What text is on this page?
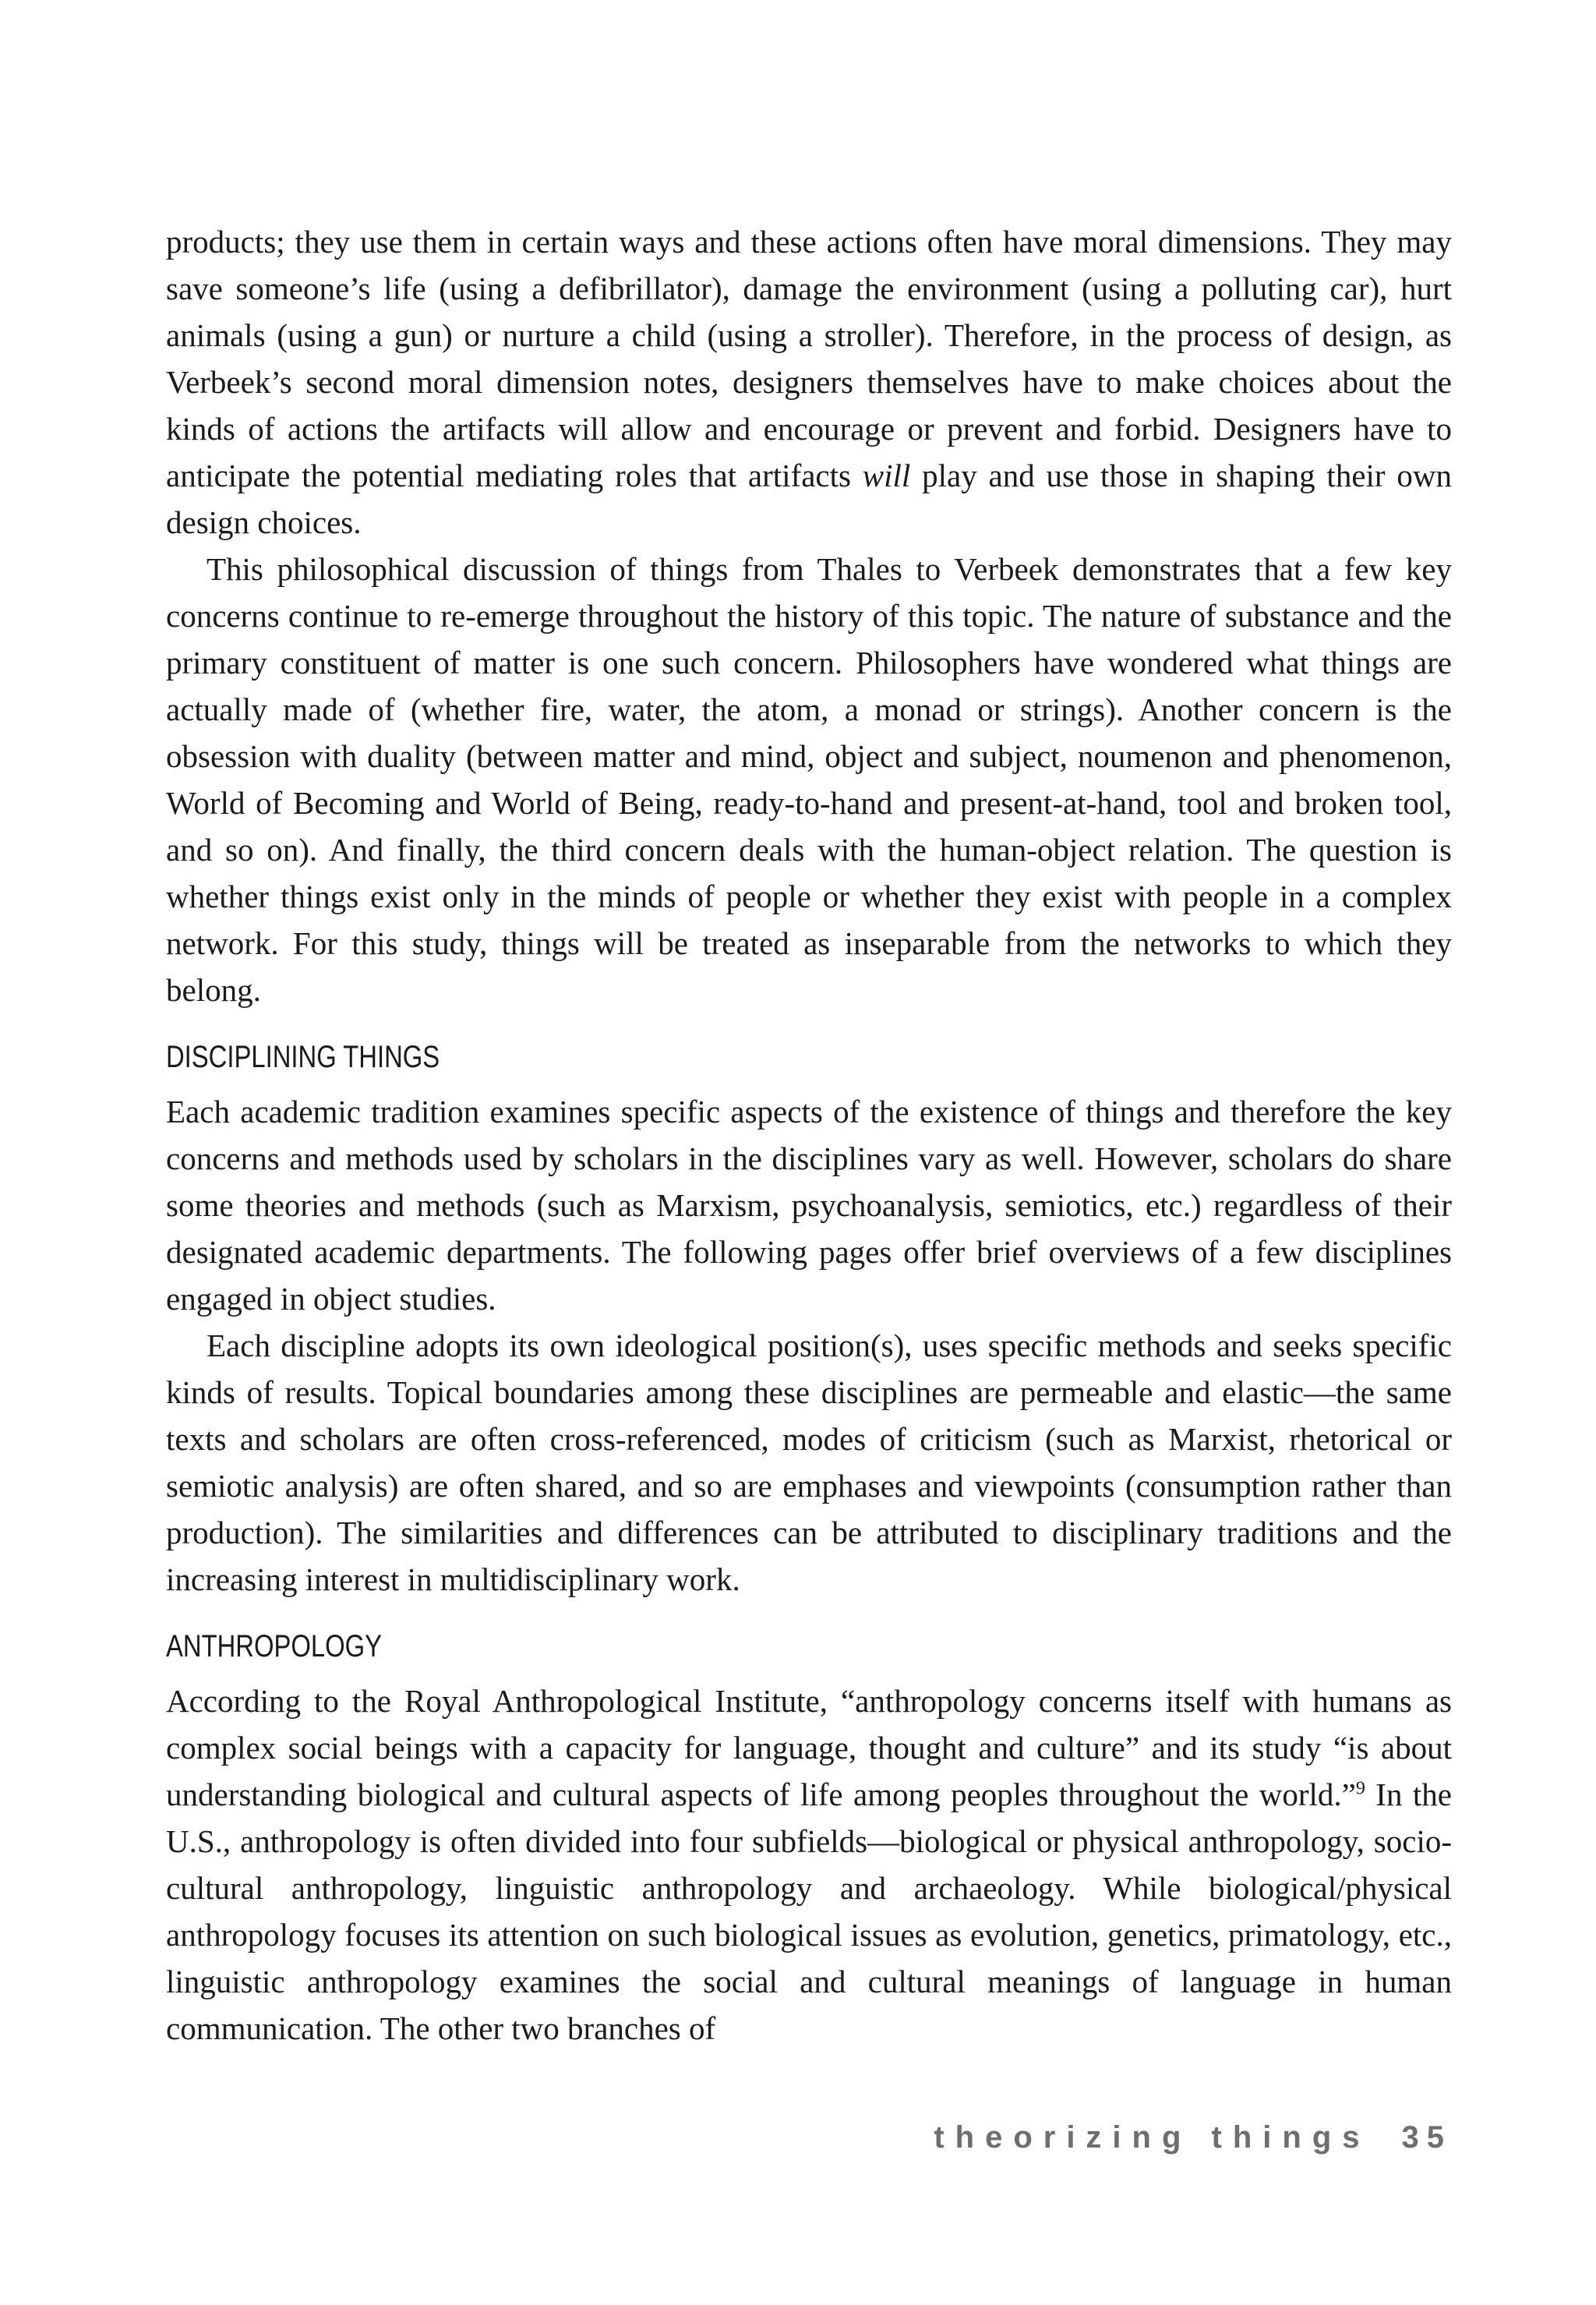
products; they use them in certain ways and these actions often have moral dimensions. They may save someone’s life (using a defibrillator), damage the environment (using a polluting car), hurt animals (using a gun) or nurture a child (using a stroller). Therefore, in the process of design, as Verbeek’s second moral dimension notes, designers themselves have to make choices about the kinds of actions the artifacts will allow and encourage or prevent and forbid. Designers have to anticipate the potential mediating roles that artifacts will play and use those in shaping their own design choices.

This philosophical discussion of things from Thales to Verbeek demonstrates that a few key concerns continue to re-emerge throughout the history of this topic. The nature of substance and the primary constituent of matter is one such concern. Philosophers have wondered what things are actually made of (whether fire, water, the atom, a monad or strings). Another concern is the obsession with duality (between matter and mind, object and subject, noumenon and phenomenon, World of Becoming and World of Being, ready-to-hand and present-at-hand, tool and broken tool, and so on). And finally, the third concern deals with the human-object relation. The question is whether things exist only in the minds of people or whether they exist with people in a complex network. For this study, things will be treated as inseparable from the networks to which they belong.

DISCIPLINING THINGS

Each academic tradition examines specific aspects of the existence of things and therefore the key concerns and methods used by scholars in the disciplines vary as well. However, scholars do share some theories and methods (such as Marxism, psychoanalysis, semiotics, etc.) regardless of their designated academic departments. The following pages offer brief overviews of a few disciplines engaged in object studies.

Each discipline adopts its own ideological position(s), uses specific methods and seeks specific kinds of results. Topical boundaries among these disciplines are permeable and elastic—the same texts and scholars are often cross-referenced, modes of criticism (such as Marxist, rhetorical or semiotic analysis) are often shared, and so are emphases and viewpoints (consumption rather than production). The similarities and differences can be attributed to disciplinary traditions and the increasing interest in multidisciplinary work.

ANTHROPOLOGY

According to the Royal Anthropological Institute, “anthropology concerns itself with humans as complex social beings with a capacity for language, thought and culture” and its study “is about understanding biological and cultural aspects of life among peoples throughout the world.”$^9$ In the U.S., anthropology is often divided into four subfields—biological or physical anthropology, socio-cultural anthropology, linguistic anthropology and archaeology. While biological/physical anthropology focuses its attention on such biological issues as evolution, genetics, primatology, etc., linguistic anthropology examines the social and cultural meanings of language in human communication. The other two branches of

theorizing things 35
